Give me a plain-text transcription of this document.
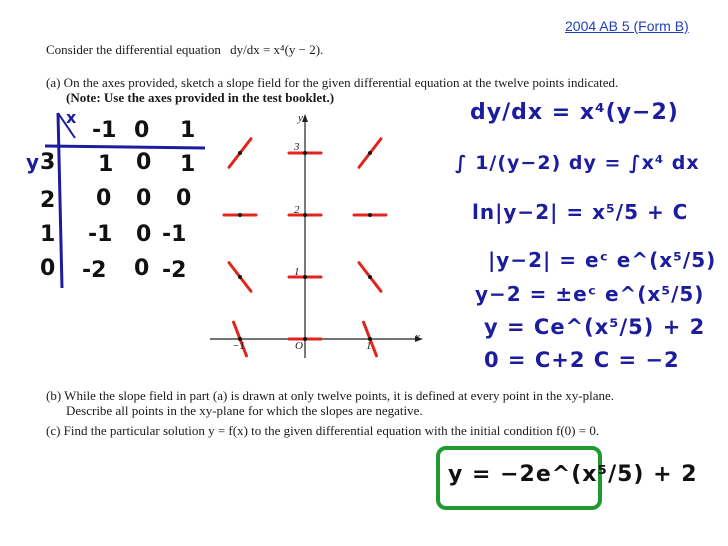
2004 AB 5 (Form B)
Consider the differential equation dy/dx = x⁴(y − 2).
(a) On the axes provided, sketch a slope field for the given differential equation at the twelve points indicated.
(Note: Use the axes provided in the test booklet.)
x
y
-1 0 1
3 1 0 1
2 0 0 0
1 -1 0 -1
0 -2 0 -2
y
x
O
−1	1
1
2
3
dy/dx = x⁴(y−2)
∫ 1/(y−2) dy = ∫x⁴ dx
ln|y−2| = x⁵/5 + C
|y−2| = eᶜ e^(x⁵/5)
y−2 = ±eᶜ e^(x⁵/5)
y = Ce^(x⁵/5) + 2
0 = C+2 C = −2
(b) While the slope field in part (a) is drawn at only twelve points, it is defined at every point in the xy-plane.
Describe all points in the xy-plane for which the slopes are negative.
(c) Find the particular solution y = f(x) to the given differential equation with the initial condition f(0) = 0.
y = −2e^(x⁵/5) + 2
